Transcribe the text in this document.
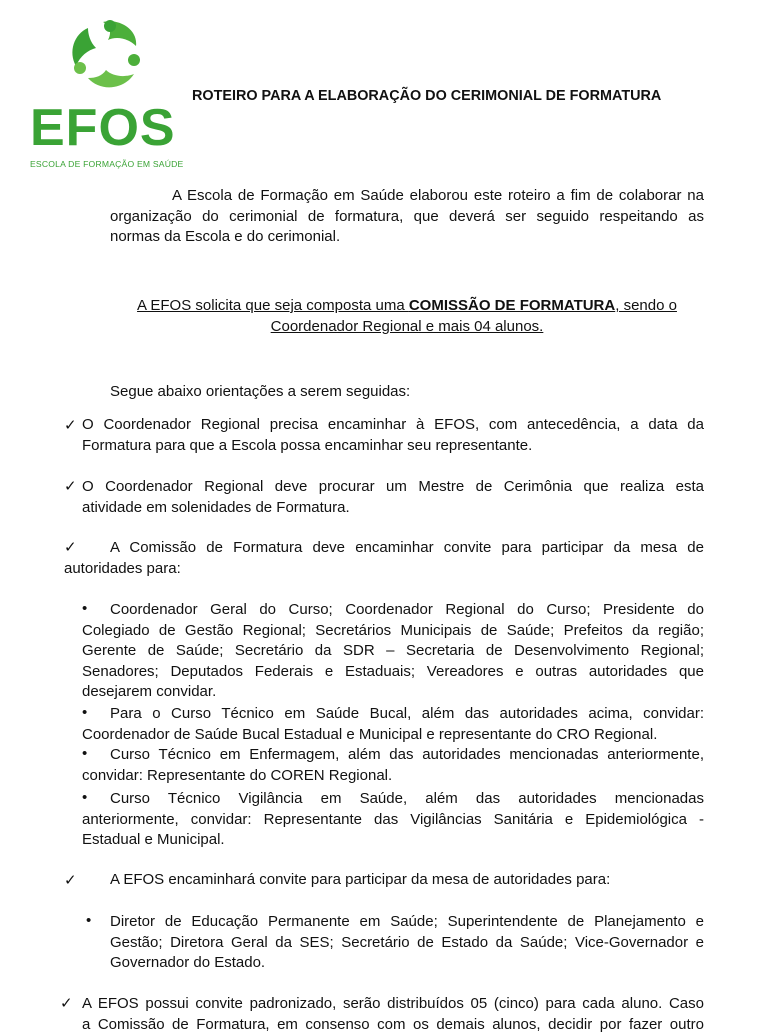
EFOS
ESCOLA DE FORMAÇÃO EM SAÚDE
ROTEIRO PARA A ELABORAÇÃO DO CERIMONIAL DE FORMATURA
A Escola de Formação em Saúde elaborou este roteiro a fim de colaborar na
organização do cerimonial de formatura, que deverá ser seguido respeitando as
normas da Escola e do cerimonial.
A EFOS solicita que seja composta uma COMISSÃO DE FORMATURA, sendo o
Coordenador Regional e mais 04 alunos.
Segue abaixo orientações a serem seguidas:
✓ O Coordenador Regional precisa encaminhar à EFOS, com antecedência, a data da
Formatura para que a Escola possa encaminhar seu representante.
✓ O Coordenador Regional deve procurar um Mestre de Cerimônia que realiza esta
atividade em solenidades de Formatura.
✓	A Comissão de Formatura deve encaminhar convite para participar da mesa de
autoridades para:
•	Coordenador Geral do Curso; Coordenador Regional do Curso; Presidente do
Colegiado de Gestão Regional; Secretários Municipais de Saúde; Prefeitos da região;
Gerente de Saúde; Secretário da SDR – Secretaria de Desenvolvimento Regional;
Senadores; Deputados Federais e Estaduais; Vereadores e outras autoridades que
desejarem convidar.
•	Para o Curso Técnico em Saúde Bucal, além das autoridades acima, convidar:
Coordenador de Saúde Bucal Estadual e Municipal e representante do CRO Regional.
•	Curso Técnico em Enfermagem, além das autoridades mencionadas anteriormente,
convidar: Representante do COREN Regional.
•	Curso Técnico Vigilância em Saúde, além das autoridades mencionadas
anteriormente, convidar: Representante das Vigilâncias Sanitária e Epidemiológica -
Estadual e Municipal.
✓ A EFOS encaminhará convite para participar da mesa de autoridades para:
• Diretor de Educação Permanente em Saúde; Superintendente de Planejamento e
Gestão; Diretora Geral da SES; Secretário de Estado da Saúde; Vice-Governador e
Governador do Estado.
✓ A EFOS possui convite padronizado, serão distribuídos 05 (cinco) para cada aluno. Caso
a Comissão de Formatura, em consenso com os demais alunos, decidir por fazer outro
